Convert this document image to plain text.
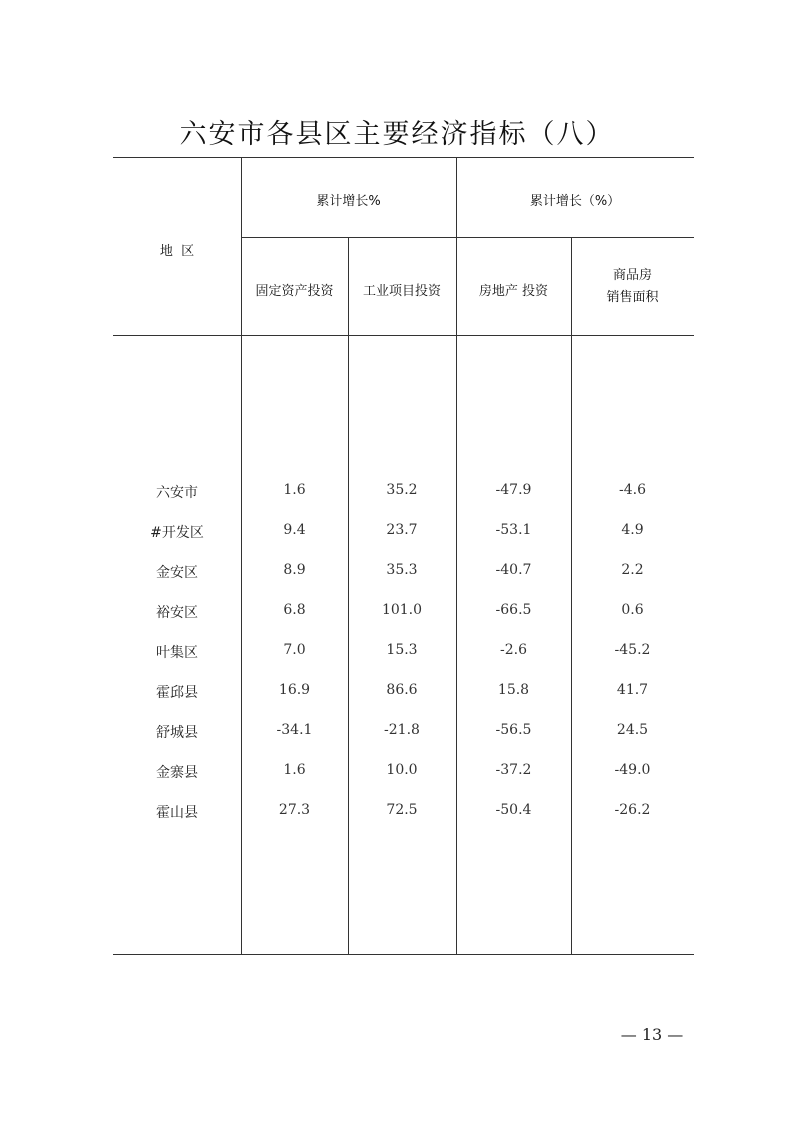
六安市各县区主要经济指标（八）
地  区
累计增长%	累计增长（%）
固定资产投资	工业项目投资	房地产 投资
商品房
销售面积
六安市	1.6	35.2	-47.9	-4.6
#开发区	9.4	23.7	-53.1	4.9
金安区	8.9	35.3	-40.7	2.2
裕安区	6.8	101.0	-66.5	0.6
叶集区	7.0	15.3	-2.6	-45.2
霍邱县	16.9	86.6	15.8	41.7
舒城县	-34.1	-21.8	-56.5	24.5
金寨县	1.6	10.0	-37.2	-49.0
霍山县	27.3	72.5	-50.4	-26.2
— 13 —
